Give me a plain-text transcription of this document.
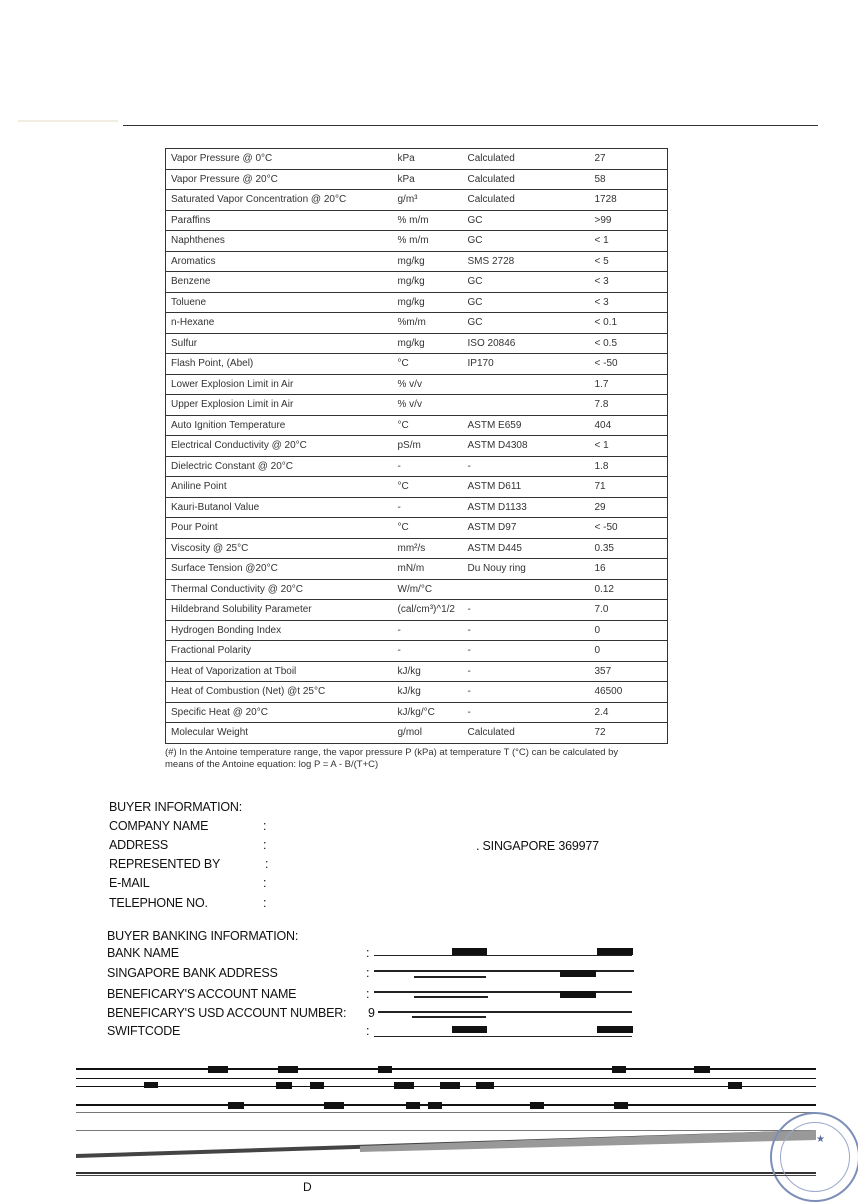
Vapor Pressure @ 0°C	kPa	Calculated	27
Vapor Pressure @ 20°C	kPa	Calculated	58
Saturated Vapor Concentration @ 20°C	g/m³	Calculated	1728
Paraffins	% m/m	GC	>99
Naphthenes	% m/m	GC	< 1
Aromatics	mg/kg	SMS 2728	< 5
Benzene	mg/kg	GC	< 3
Toluene	mg/kg	GC	< 3
n-Hexane	%m/m	GC	< 0.1
Sulfur	mg/kg	ISO 20846	< 0.5
Flash Point, (Abel)	°C	IP170	< -50
Lower Explosion Limit in Air	% v/v		1.7
Upper Explosion Limit in Air	% v/v		7.8
Auto Ignition Temperature	°C	ASTM E659	404
Electrical Conductivity @ 20°C	pS/m	ASTM D4308	< 1
Dielectric Constant @ 20°C	-	-	1.8
Aniline Point	°C	ASTM D611	71
Kauri-Butanol Value	-	ASTM D1133	29
Pour Point	°C	ASTM D97	< -50
Viscosity @ 25°C	mm²/s	ASTM D445	0.35
Surface Tension @20°C	mN/m	Du Nouy ring	16
Thermal Conductivity @ 20°C	W/m/°C		0.12
Hildebrand Solubility Parameter	(cal/cm³)^1/2	-	7.0
Hydrogen Bonding Index	-	-	0
Fractional Polarity	-	-	0
Heat of Vaporization at Tboil	kJ/kg	-	357
Heat of Combustion (Net) @t 25°C	kJ/kg	-	46500
Specific Heat @ 20°C	kJ/kg/°C	-	2.4
Molecular Weight	g/mol	Calculated	72
(#) In the Antoine temperature range, the vapor pressure P (kPa) at temperature T (°C) can be calculated by means of the Antoine equation: log P = A - B/(T+C)
BUYER INFORMATION:
COMPANY NAME	:
ADDRESS	:	. SINGAPORE 369977
REPRESENTED BY	:
E-MAIL	:
TELEPHONE NO.	:
BUYER BANKING INFORMATION:
BANK NAME	:
SINGAPORE BANK ADDRESS	:
BENEFICARY'S ACCOUNT NAME	:
BENEFICARY'S USD ACCOUNT NUMBER: 9
SWIFTCODE	:
★
D
